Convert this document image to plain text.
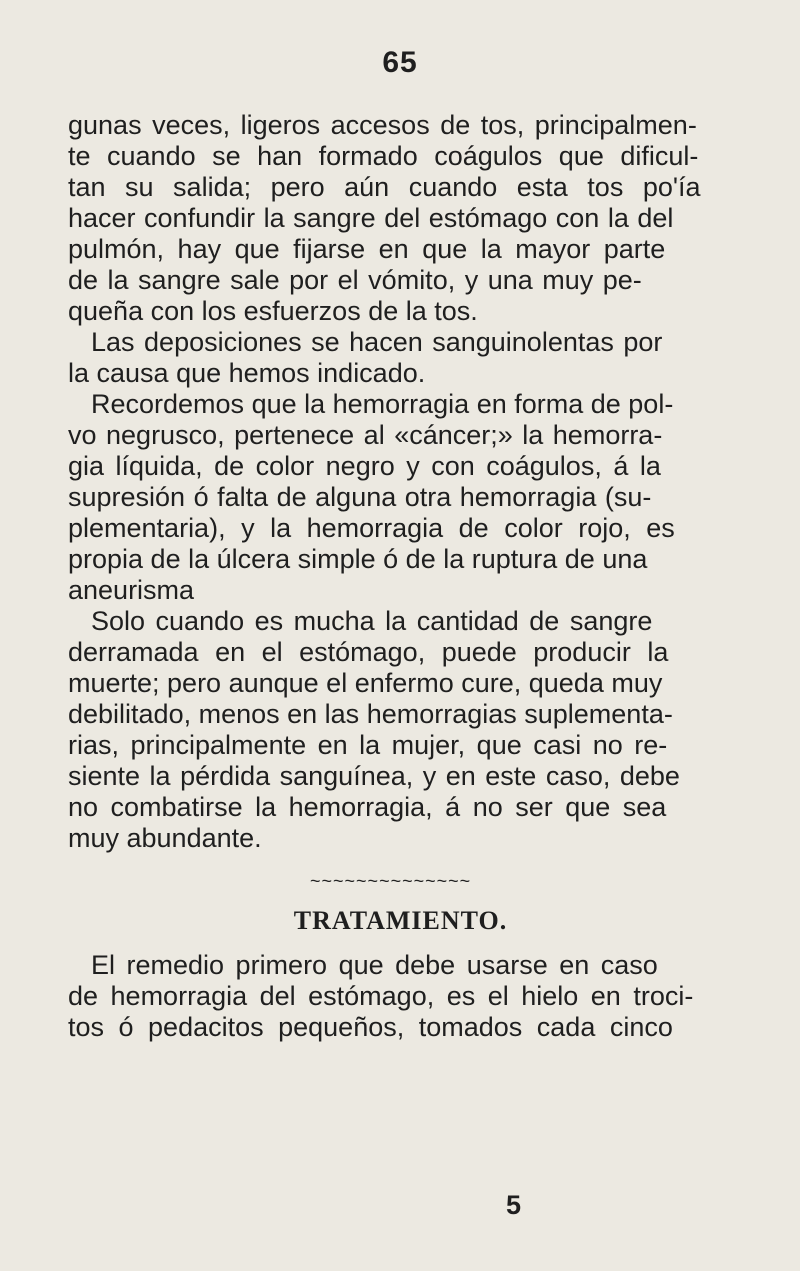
65
gunas veces, ligeros accesos de tos, principalmen-
te cuando se han formado coágulos que dificul-
tan su salida; pero aún cuando esta tos po'ía
hacer confundir la sangre del estómago con la del
pulmón, hay que fijarse en que la mayor parte
de la sangre sale por el vómito, y una muy pe-
queña con los esfuerzos de la tos.
Las deposiciones se hacen sanguinolentas por
la causa que hemos indicado.
Recordemos que la hemorragia en forma de pol-
vo negrusco, pertenece al «cáncer;» la hemorra-
gia líquida, de color negro y con coágulos, á la
supresión ó falta de alguna otra hemorragia (su-
plementaria), y la hemorragia de color rojo, es
propia de la úlcera simple ó de la ruptura de una
aneurisma
Solo cuando es mucha la cantidad de sangre
derramada en el estómago, puede producir la
muerte; pero aunque el enfermo cure, queda muy
debilitado, menos en las hemorragias suplementa-
rias, principalmente en la mujer, que casi no re-
siente la pérdida sanguínea, y en este caso, debe
no combatirse la hemorragia, á no ser que sea
muy abundante.
~~~~~~~~~~~~~~
TRATAMIENTO.
El remedio primero que debe usarse en caso
de hemorragia del estómago, es el hielo en troci-
tos ó pedacitos pequeños, tomados cada cinco
5
